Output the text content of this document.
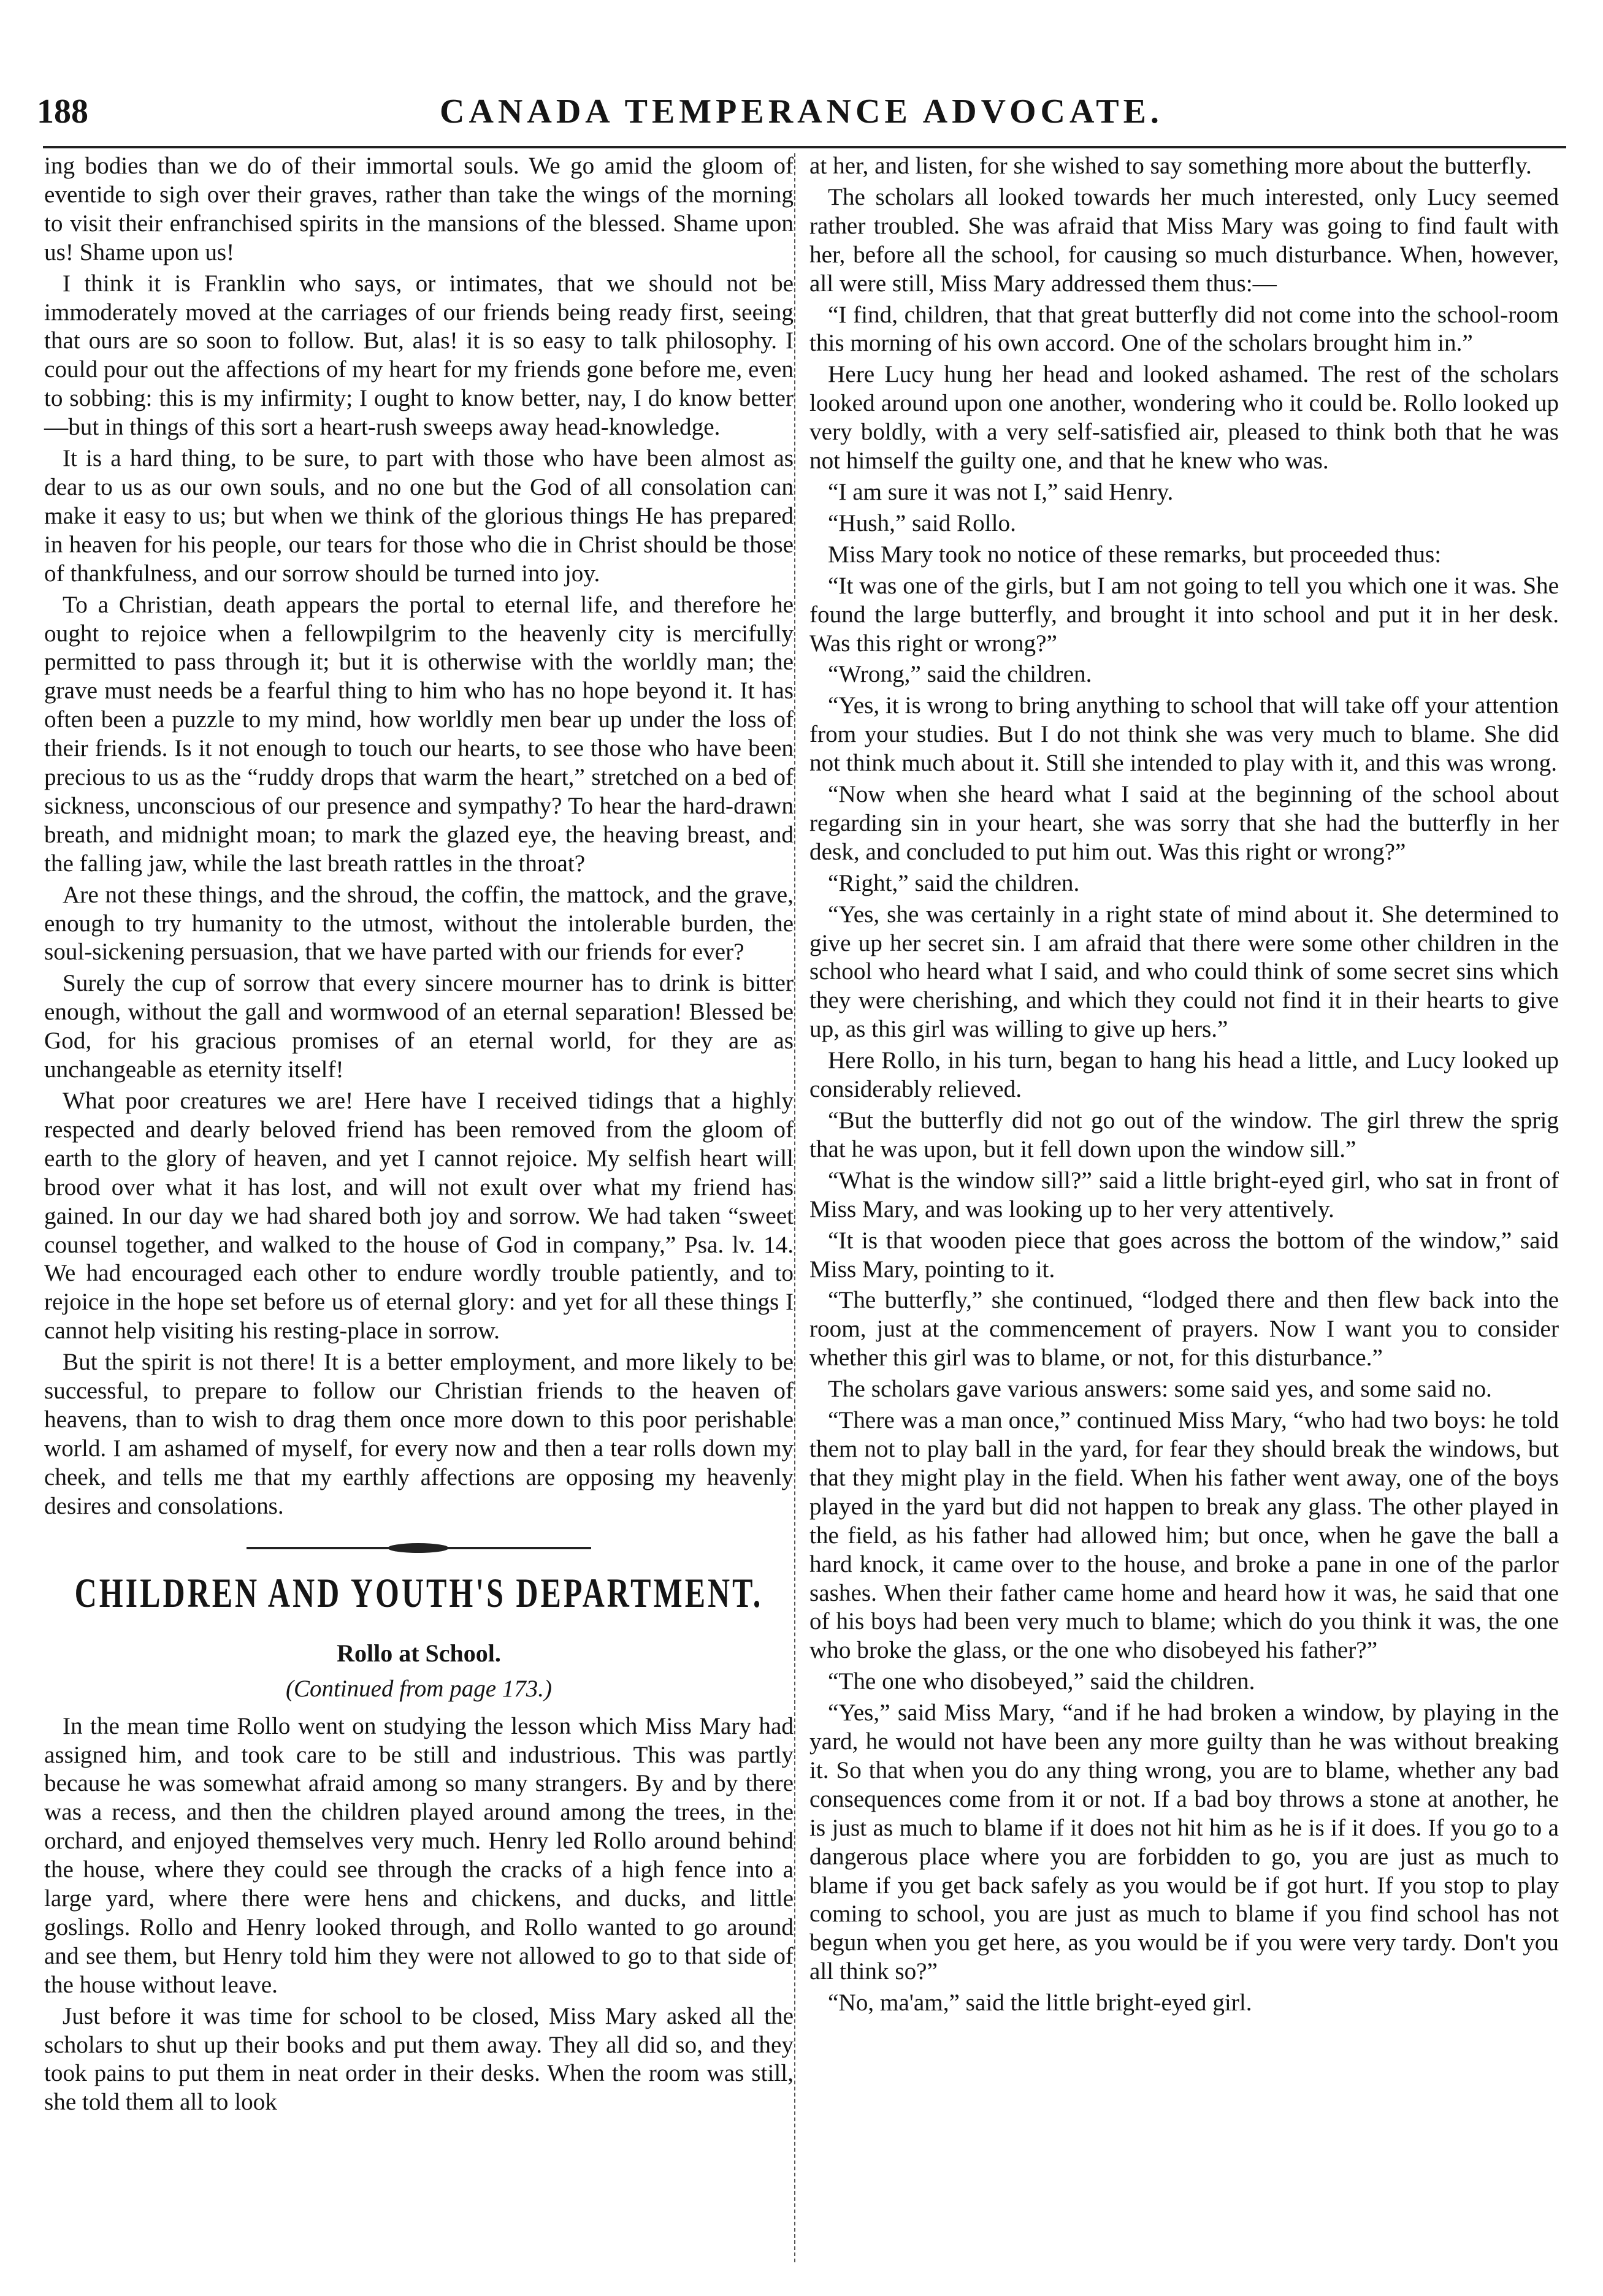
188	CANADA TEMPERANCE ADVOCATE.

ing bodies than we do of their immortal souls. We go amid the gloom of eventide to sigh over their graves, rather than take the wings of the morning to visit their enfranchised spirits in the mansions of the blessed. Shame upon us! Shame upon us!

I think it is Franklin who says, or intimates, that we should not be immoderately moved at the carriages of our friends being ready first, seeing that ours are so soon to follow. But, alas! it is so easy to talk philosophy. I could pour out the affections of my heart for my friends gone before me, even to sobbing: this is my infirmity; I ought to know better, nay, I do know better—but in things of this sort a heart-rush sweeps away head-knowledge.

It is a hard thing, to be sure, to part with those who have been almost as dear to us as our own souls, and no one but the God of all consolation can make it easy to us; but when we think of the glorious things He has prepared in heaven for his people, our tears for those who die in Christ should be those of thankfulness, and our sorrow should be turned into joy.

To a Christian, death appears the portal to eternal life, and therefore he ought to rejoice when a fellowpilgrim to the heavenly city is mercifully permitted to pass through it; but it is otherwise with the worldly man; the grave must needs be a fearful thing to him who has no hope beyond it. It has often been a puzzle to my mind, how worldly men bear up under the loss of their friends. Is it not enough to touch our hearts, to see those who have been precious to us as the “ruddy drops that warm the heart,” stretched on a bed of sickness, unconscious of our presence and sympathy? To hear the hard-drawn breath, and midnight moan; to mark the glazed eye, the heaving breast, and the falling jaw, while the last breath rattles in the throat?

Are not these things, and the shroud, the coffin, the mattock, and the grave, enough to try humanity to the utmost, without the intolerable burden, the soul-sickening persuasion, that we have parted with our friends for ever?

Surely the cup of sorrow that every sincere mourner has to drink is bitter enough, without the gall and wormwood of an eternal separation! Blessed be God, for his gracious promises of an eternal world, for they are as unchangeable as eternity itself!

What poor creatures we are! Here have I received tidings that a highly respected and dearly beloved friend has been removed from the gloom of earth to the glory of heaven, and yet I cannot rejoice. My selfish heart will brood over what it has lost, and will not exult over what my friend has gained. In our day we had shared both joy and sorrow. We had taken “sweet counsel together, and walked to the house of God in company,” Psa. lv. 14. We had encouraged each other to endure wordly trouble patiently, and to rejoice in the hope set before us of eternal glory: and yet for all these things I cannot help visiting his resting-place in sorrow.

But the spirit is not there! It is a better employment, and more likely to be successful, to prepare to follow our Christian friends to the heaven of heavens, than to wish to drag them once more down to this poor perishable world. I am ashamed of myself, for every now and then a tear rolls down my cheek, and tells me that my earthly affections are opposing my heavenly desires and consolations.

CHILDREN AND YOUTH'S DEPARTMENT.
Rollo at School.
(Continued from page 173.)

In the mean time Rollo went on studying the lesson which Miss Mary had assigned him, and took care to be still and industrious. This was partly because he was somewhat afraid among so many strangers. By and by there was a recess, and then the children played around among the trees, in the orchard, and enjoyed themselves very much. Henry led Rollo around behind the house, where they could see through the cracks of a high fence into a large yard, where there were hens and chickens, and ducks, and little goslings. Rollo and Henry looked through, and Rollo wanted to go around and see them, but Henry told him they were not allowed to go to that side of the house without leave.

Just before it was time for school to be closed, Miss Mary asked all the scholars to shut up their books and put them away. They all did so, and they took pains to put them in neat order in their desks. When the room was still, she told them all to look

at her, and listen, for she wished to say something more about the butterfly.

The scholars all looked towards her much interested, only Lucy seemed rather troubled. She was afraid that Miss Mary was going to find fault with her, before all the school, for causing so much disturbance. When, however, all were still, Miss Mary addressed them thus:—

“I find, children, that that great butterfly did not come into the school-room this morning of his own accord. One of the scholars brought him in.”

Here Lucy hung her head and looked ashamed. The rest of the scholars looked around upon one another, wondering who it could be. Rollo looked up very boldly, with a very self-satisfied air, pleased to think both that he was not himself the guilty one, and that he knew who was.

“I am sure it was not I,” said Henry.

“Hush,” said Rollo.

Miss Mary took no notice of these remarks, but proceeded thus:

“It was one of the girls, but I am not going to tell you which one it was. She found the large butterfly, and brought it into school and put it in her desk. Was this right or wrong?”

“Wrong,” said the children.

“Yes, it is wrong to bring anything to school that will take off your attention from your studies. But I do not think she was very much to blame. She did not think much about it. Still she intended to play with it, and this was wrong.

“Now when she heard what I said at the beginning of the school about regarding sin in your heart, she was sorry that she had the butterfly in her desk, and concluded to put him out. Was this right or wrong?”

“Right,” said the children.

“Yes, she was certainly in a right state of mind about it. She determined to give up her secret sin. I am afraid that there were some other children in the school who heard what I said, and who could think of some secret sins which they were cherishing, and which they could not find it in their hearts to give up, as this girl was willing to give up hers.”

Here Rollo, in his turn, began to hang his head a little, and Lucy looked up considerably relieved.

“But the butterfly did not go out of the window. The girl threw the sprig that he was upon, but it fell down upon the window sill.”

“What is the window sill?” said a little bright-eyed girl, who sat in front of Miss Mary, and was looking up to her very attentively.

“It is that wooden piece that goes across the bottom of the window,” said Miss Mary, pointing to it.

“The butterfly,” she continued, “lodged there and then flew back into the room, just at the commencement of prayers. Now I want you to consider whether this girl was to blame, or not, for this disturbance.”

The scholars gave various answers: some said yes, and some said no.

“There was a man once,” continued Miss Mary, “who had two boys: he told them not to play ball in the yard, for fear they should break the windows, but that they might play in the field. When his father went away, one of the boys played in the yard but did not happen to break any glass. The other played in the field, as his father had allowed him; but once, when he gave the ball a hard knock, it came over to the house, and broke a pane in one of the parlor sashes. When their father came home and heard how it was, he said that one of his boys had been very much to blame; which do you think it was, the one who broke the glass, or the one who disobeyed his father?”

“The one who disobeyed,” said the children.

“Yes,” said Miss Mary, “and if he had broken a window, by playing in the yard, he would not have been any more guilty than he was without breaking it. So that when you do any thing wrong, you are to blame, whether any bad consequences come from it or not. If a bad boy throws a stone at another, he is just as much to blame if it does not hit him as he is if it does. If you go to a dangerous place where you are forbidden to go, you are just as much to blame if you get back safely as you would be if got hurt. If you stop to play coming to school, you are just as much to blame if you find school has not begun when you get here, as you would be if you were very tardy. Don't you all think so?”

“No, ma'am,” said the little bright-eyed girl.
